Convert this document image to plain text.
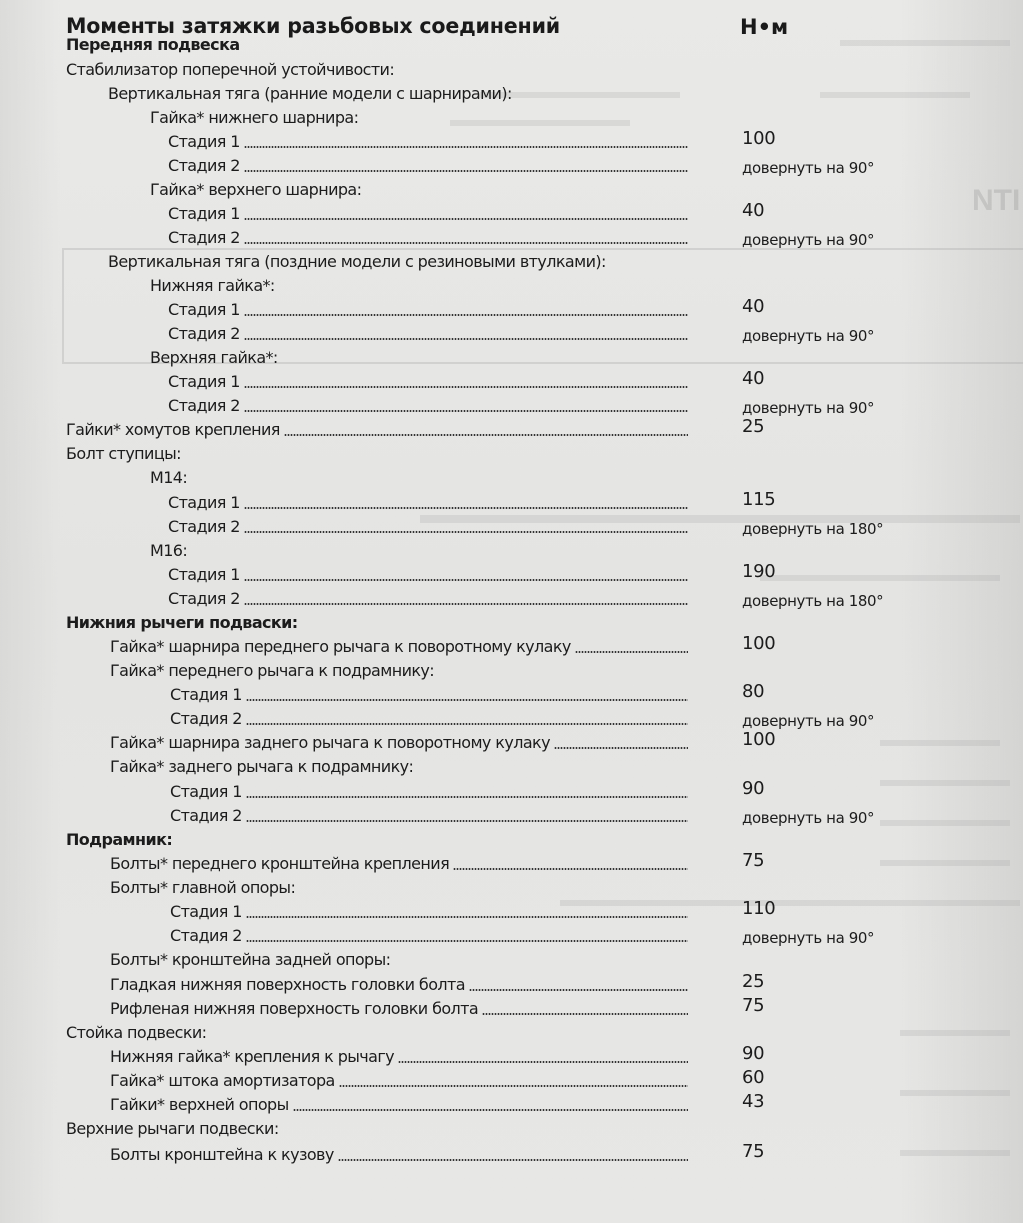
NTI
Моменты затяжки разьбовых соединений	Н•м
Передняя подвеска
Стабилизатор поперечной устойчивости:
Вертикальная тяга (ранние модели с шарнирами):
Гайка* нижнего шарнира:
Стадия 1	100
Стадия 2	довернуть на 90°
Гайка* верхнего шарнира:
Стадия 1	40
Стадия 2	довернуть на 90°
Вертикальная тяга (поздние модели с резиновыми втулками):
Нижняя гайка*:
Стадия 1	40
Стадия 2	довернуть на 90°
Верхняя гайка*:
Стадия 1	40
Стадия 2	довернуть на 90°
Гайки* хомутов крепления	25
Болт ступицы:
М14:
Стадия 1	115
Стадия 2	довернуть на 180°
М16:
Стадия 1	190
Стадия 2	довернуть на 180°
Нижния рычеги подваски:
Гайка* шарнира переднего рычага к поворотному кулаку	100
Гайка* переднего рычага к подрамнику:
Стадия 1	80
Стадия 2	довернуть на 90°
Гайка* шарнира заднего рычага к поворотному кулаку	100
Гайка* заднего рычага к подрамнику:
Стадия 1	90
Стадия 2	довернуть на 90°
Подрамник:
Болты* переднего кронштейна крепления	75
Болты* главной опоры:
Стадия 1	110
Стадия 2	довернуть на 90°
Болты* кронштейна задней опоры:
Гладкая нижняя поверхность головки болта	25
Рифленая нижняя поверхность головки болта	75
Стойка подвески:
Нижняя гайка* крепления к рычагу	90
Гайка* штока амортизатора	60
Гайки* верхней опоры	43
Верхние рычаги подвески:
Болты кронштейна к кузову	75
